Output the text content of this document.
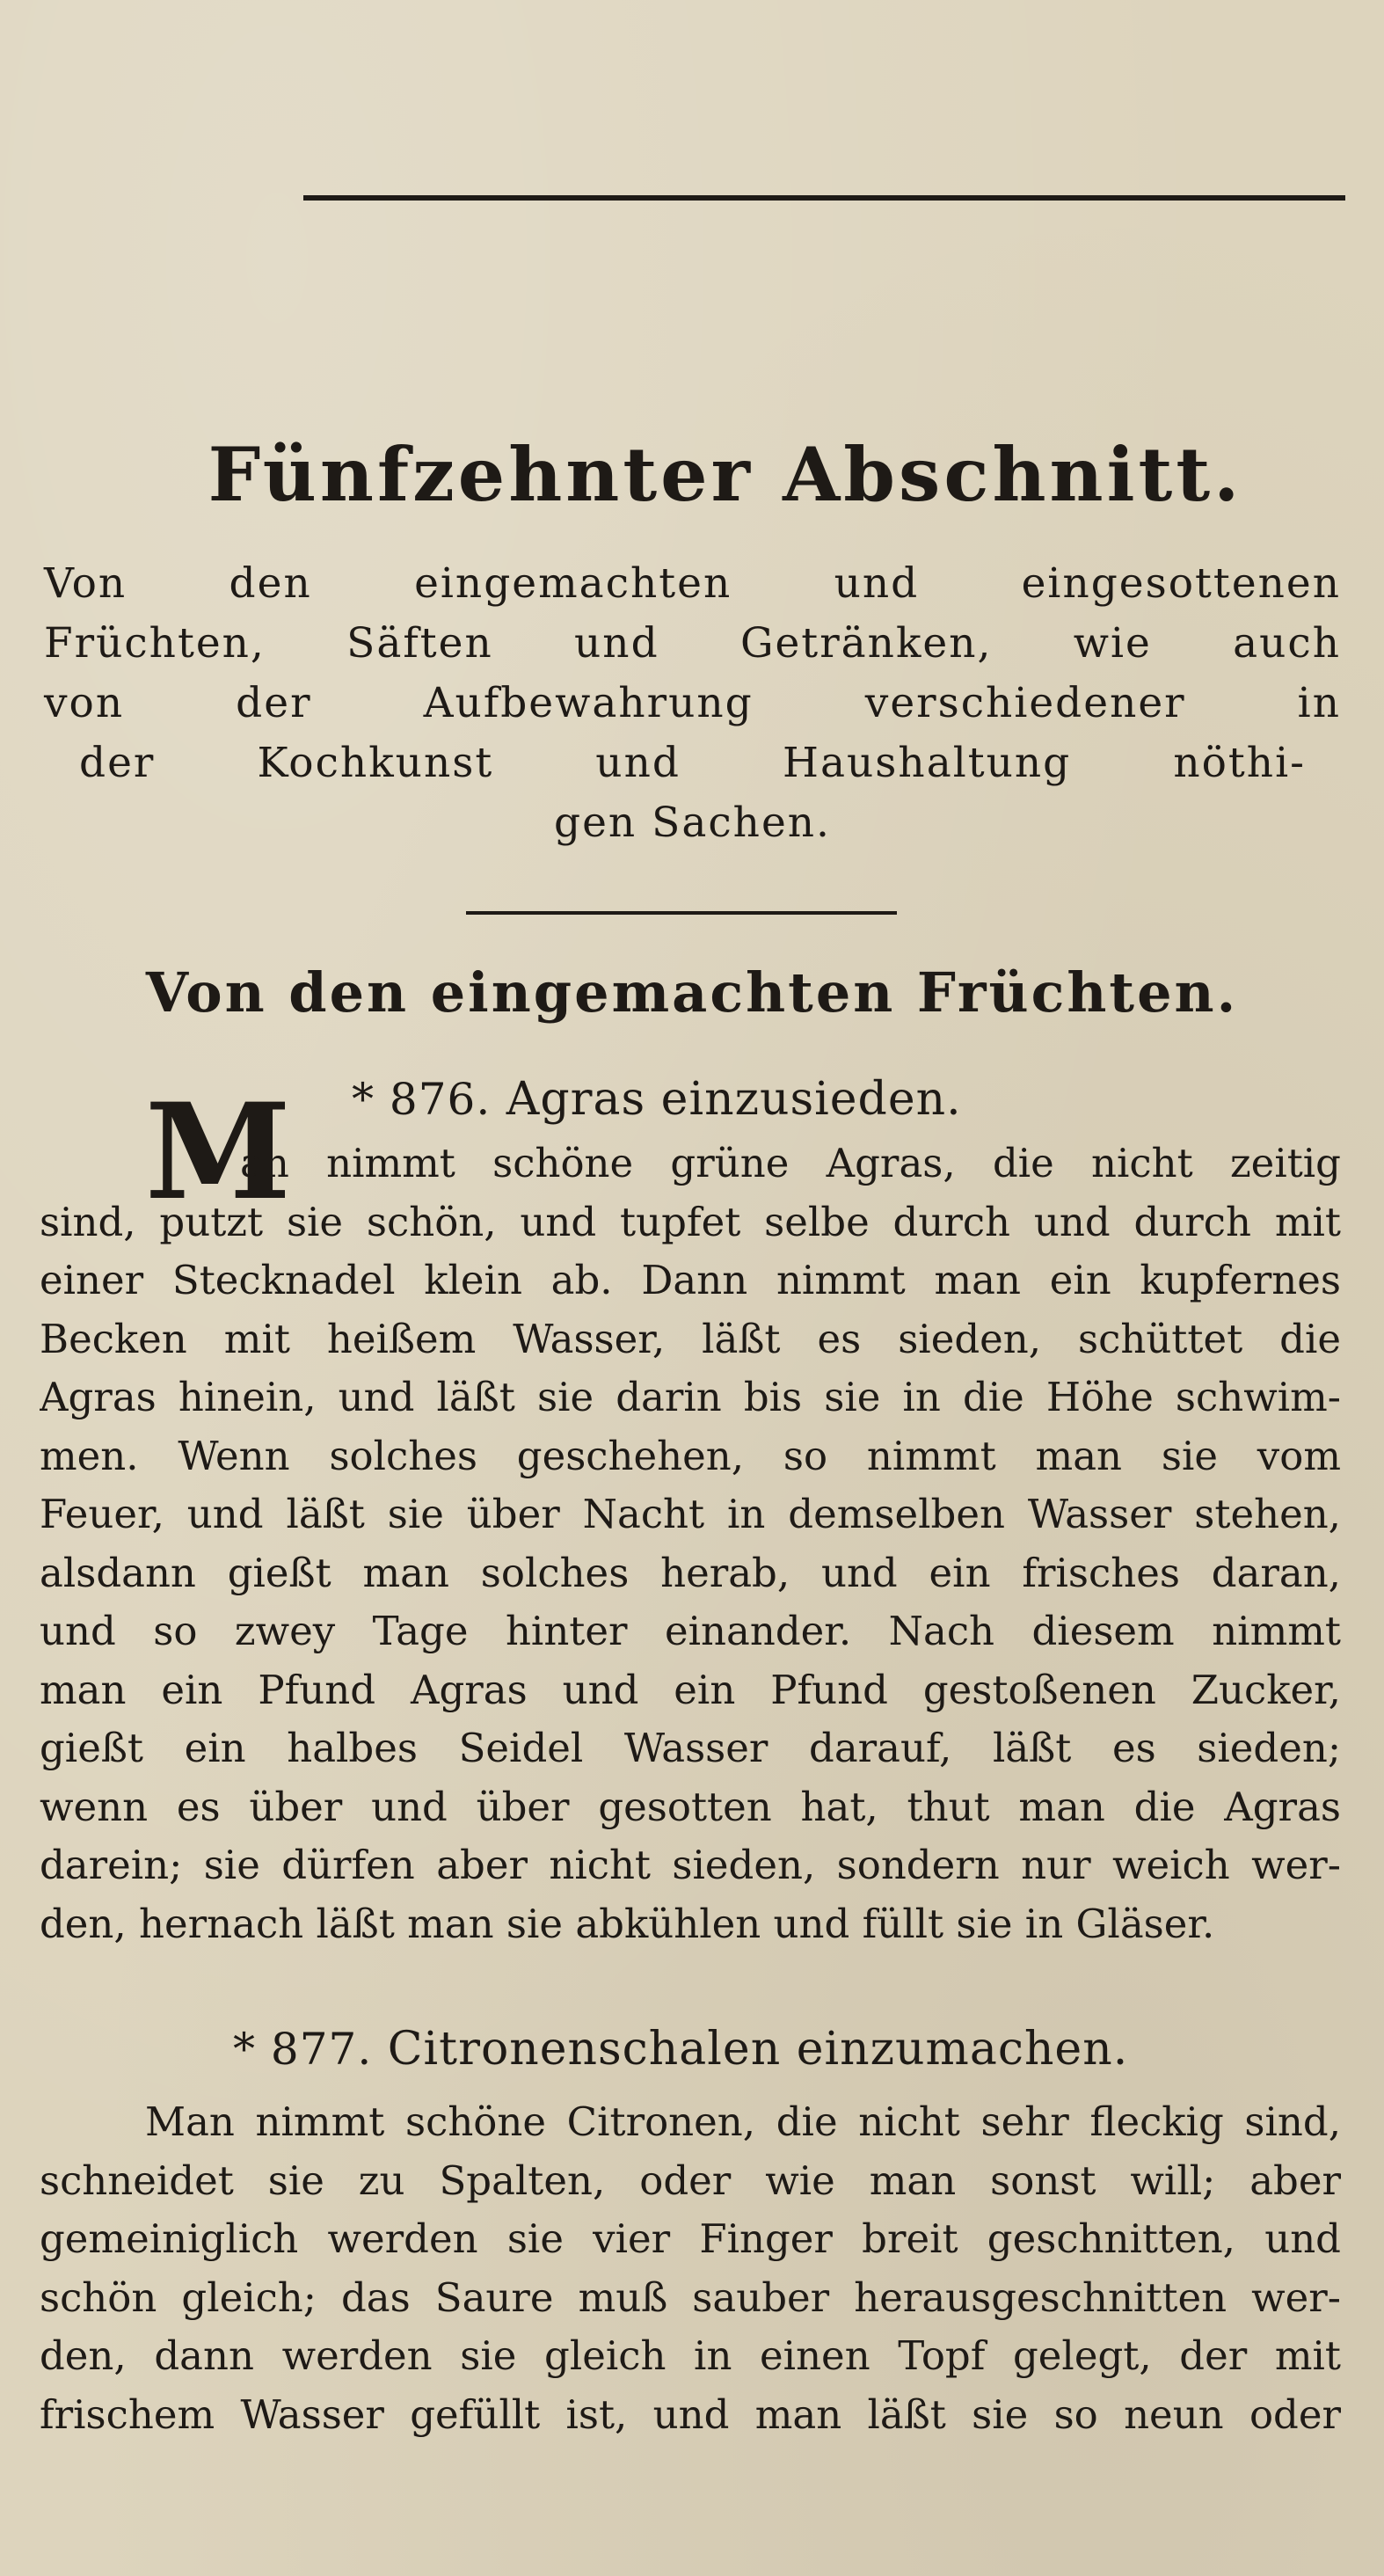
Fünfzehnter Abschnitt.
Von den eingemachten und eingesottenen
Früchten, Säften und Getränken, wie auch
von der Aufbewahrung verschiedener in
der Kochkunst und Haushaltung nöthi-
gen Sachen.
Von den eingemachten Früchten.
* 876. Agras einzusieden.
M
an nimmt schöne grüne Agras, die nicht zeitig
sind, putzt sie schön, und tupfet selbe durch und durch mit
einer Stecknadel klein ab. Dann nimmt man ein kupfernes
Becken mit heißem Wasser, läßt es sieden, schüttet die
Agras hinein, und läßt sie darin bis sie in die Höhe schwim-
men. Wenn solches geschehen, so nimmt man sie vom
Feuer, und läßt sie über Nacht in demselben Wasser stehen,
alsdann gießt man solches herab, und ein frisches daran,
und so zwey Tage hinter einander. Nach diesem nimmt
man ein Pfund Agras und ein Pfund gestoßenen Zucker,
gießt ein halbes Seidel Wasser darauf, läßt es sieden;
wenn es über und über gesotten hat, thut man die Agras
darein; sie dürfen aber nicht sieden, sondern nur weich wer-
den, hernach läßt man sie abkühlen und füllt sie in Gläser.
* 877. Citronenschalen einzumachen.
Man nimmt schöne Citronen, die nicht sehr fleckig sind,
schneidet sie zu Spalten, oder wie man sonst will; aber
gemeiniglich werden sie vier Finger breit geschnitten, und
schön gleich; das Saure muß sauber herausgeschnitten wer-
den, dann werden sie gleich in einen Topf gelegt, der mit
frischem Wasser gefüllt ist, und man läßt sie so neun oder
